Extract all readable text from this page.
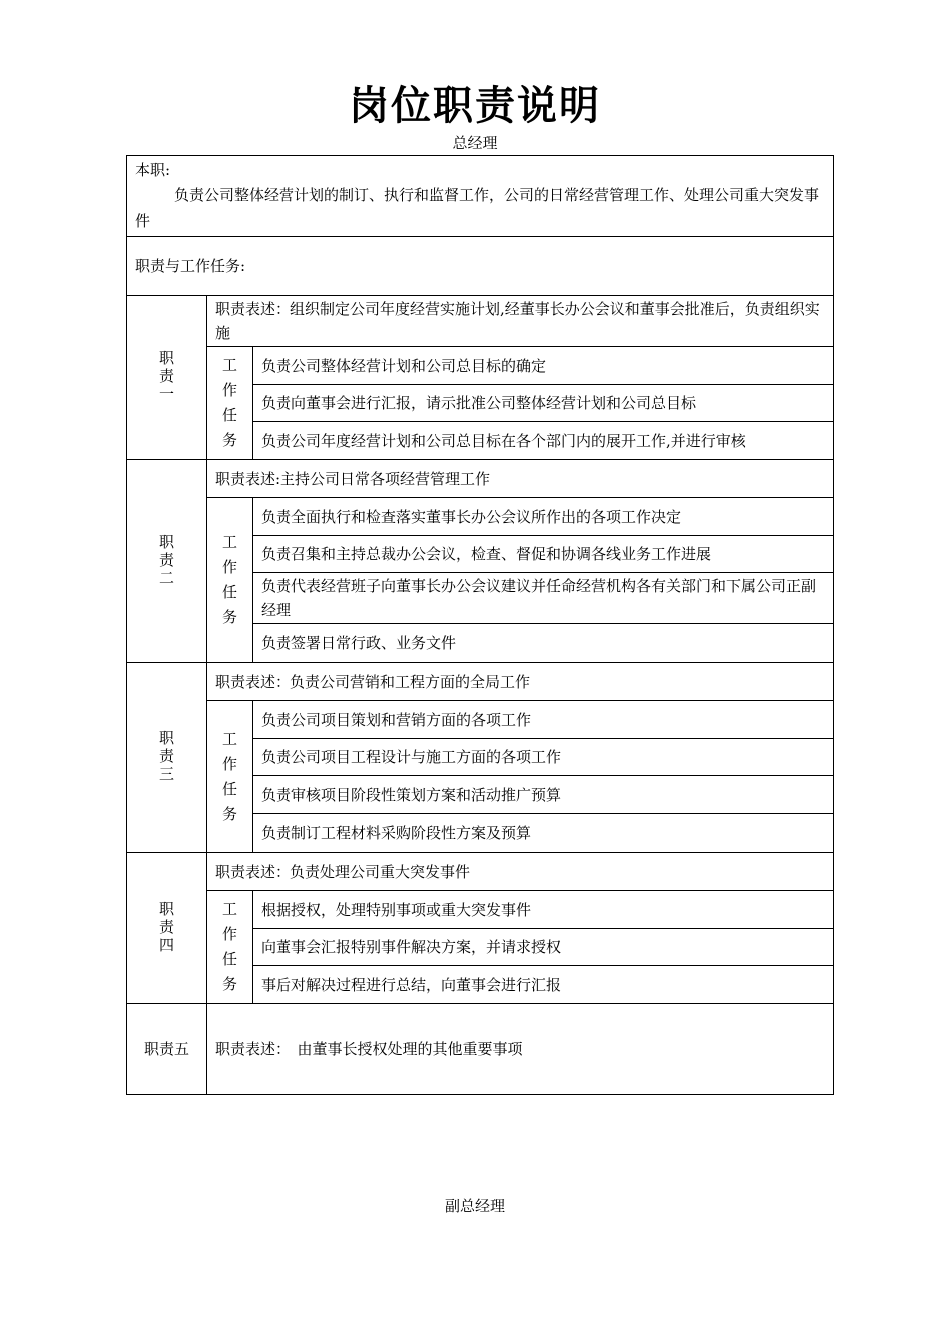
岗位职责说明
总经理
本职:
负责公司整体经营计划的制订、执行和监督工作，公司的日常经营管理工作、处理公司重大突发事件		

职责与工作任务:		
职责一	职责表述：组织制定公司年度经营实施计划,经董事长办公会议和董事会批准后，负责组织实施	
	工作任务	负责公司整体经营计划和公司总目标的确定
		负责向董事会进行汇报，请示批准公司整体经营计划和公司总目标
		负责公司年度经营计划和公司总目标在各个部门内的展开工作,并进行审核
职责二	职责表述:主持公司日常各项经营管理工作	
	工作任务	负责全面执行和检查落实董事长办公会议所作出的各项工作决定
		负责召集和主持总裁办公会议，检查、督促和协调各线业务工作进展
		负责代表经营班子向董事长办公会议建议并任命经营机构各有关部门和下属公司正副经理
		负责签署日常行政、业务文件
职责三	职责表述：负责公司营销和工程方面的全局工作	
	工作任务	负责公司项目策划和营销方面的各项工作
		负责公司项目工程设计与施工方面的各项工作
		负责审核项目阶段性策划方案和活动推广预算
		负责制订工程材料采购阶段性方案及预算
职责四	职责表述：负责处理公司重大突发事件	
	工作任务	根据授权，处理特别事项或重大突发事件
		向董事会汇报特别事件解决方案，并请求授权
		事后对解决过程进行总结，向董事会进行汇报
职责五	职责表述：　由董事长授权处理的其他重要事项	
副总经理
